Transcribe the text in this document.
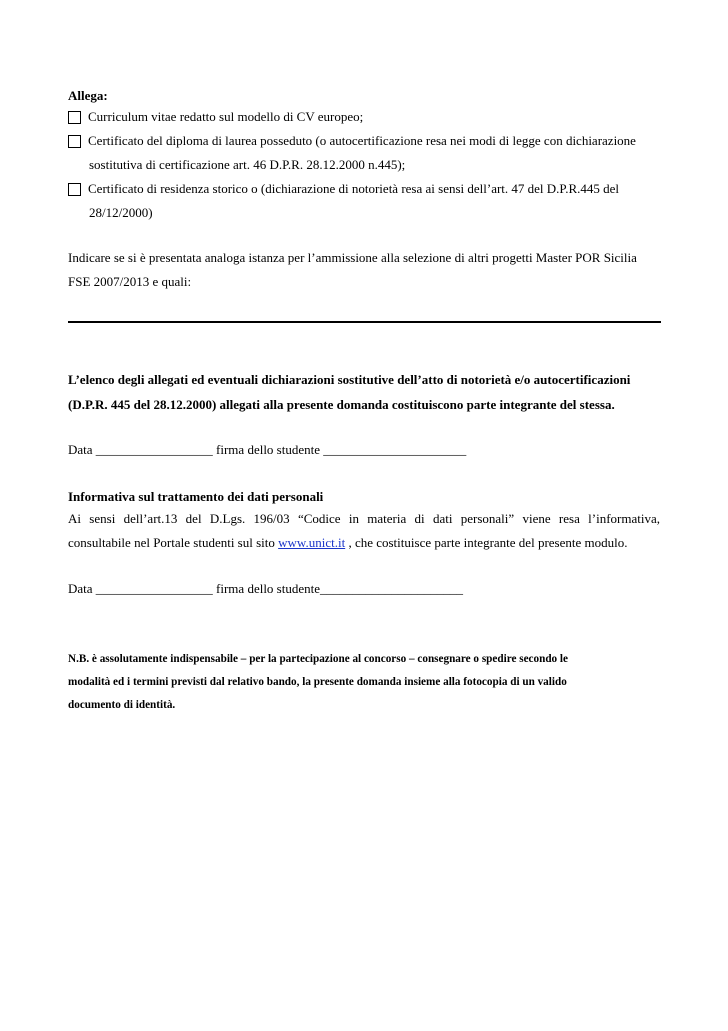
Allega:
Curriculum vitae redatto sul modello di CV europeo;
Certificato del diploma di laurea posseduto (o autocertificazione resa nei modi di legge con dichiarazione
sostitutiva di certificazione art. 46 D.P.R. 28.12.2000 n.445);
Certificato di residenza storico o (dichiarazione di notorietà resa ai sensi dell’art. 47 del D.P.R.445 del
28/12/2000)
Indicare se si è presentata analoga istanza per l’ammissione alla selezione di altri progetti Master POR Sicilia
FSE 2007/2013 e quali:
L’elenco degli allegati ed eventuali dichiarazioni sostitutive dell’atto di notorietà e/o autocertificazioni
(D.P.R. 445 del 28.12.2000) allegati alla presente domanda costituiscono parte integrante del stessa.
Data __________________ firma dello studente ______________________
Informativa sul trattamento dei dati personali
Ai sensi dell’art.13 del D.Lgs. 196/03 “Codice in materia di dati personali” viene resa l’informativa,
consultabile nel Portale studenti sul sito www.unict.it , che costituisce parte integrante del presente modulo.
Data __________________ firma dello studente______________________
N.B. è assolutamente indispensabile – per la partecipazione al concorso – consegnare o spedire secondo le
modalità ed i termini previsti dal relativo bando, la presente domanda insieme alla fotocopia di un valido
documento di identità.
